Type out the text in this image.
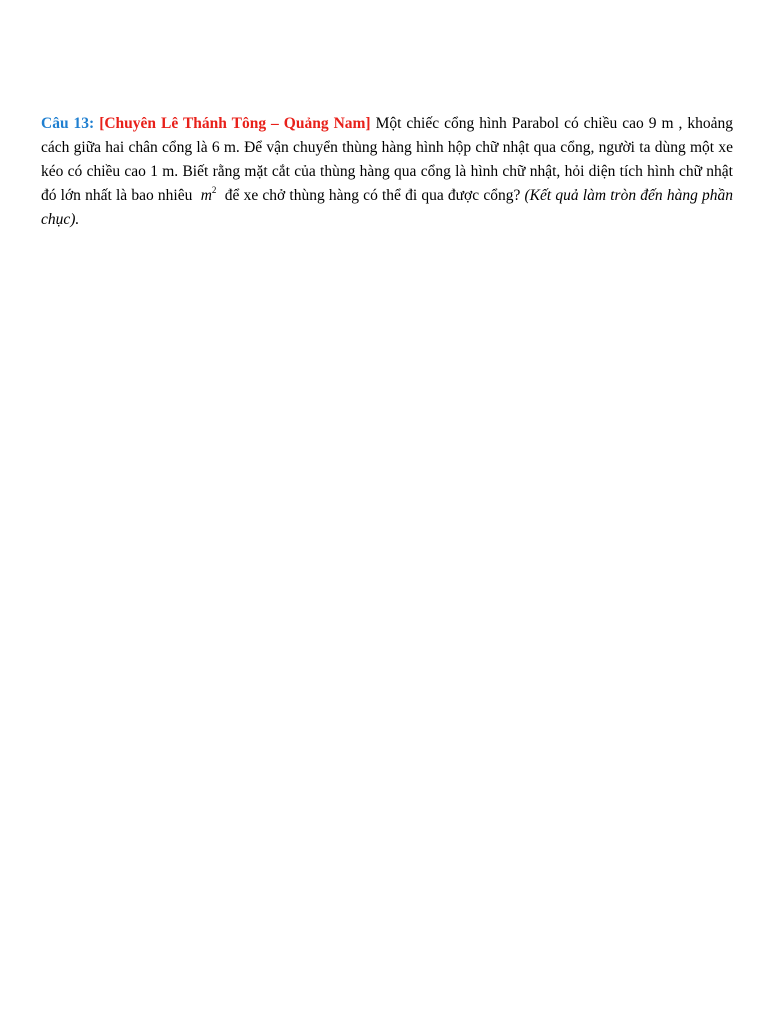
Câu 13: [Chuyên Lê Thánh Tông – Quảng Nam] Một chiếc cổng hình Parabol có chiều cao 9 m , khoảng cách giữa hai chân cổng là 6 m. Để vận chuyển thùng hàng hình hộp chữ nhật qua cổng, người ta dùng một xe kéo có chiều cao 1 m. Biết rằng mặt cắt của thùng hàng qua cổng là hình chữ nhật, hỏi diện tích hình chữ nhật đó lớn nhất là bao nhiêu $m^2$ để xe chở thùng hàng có thể đi qua được cổng? (Kết quả làm tròn đến hàng phần chục).
